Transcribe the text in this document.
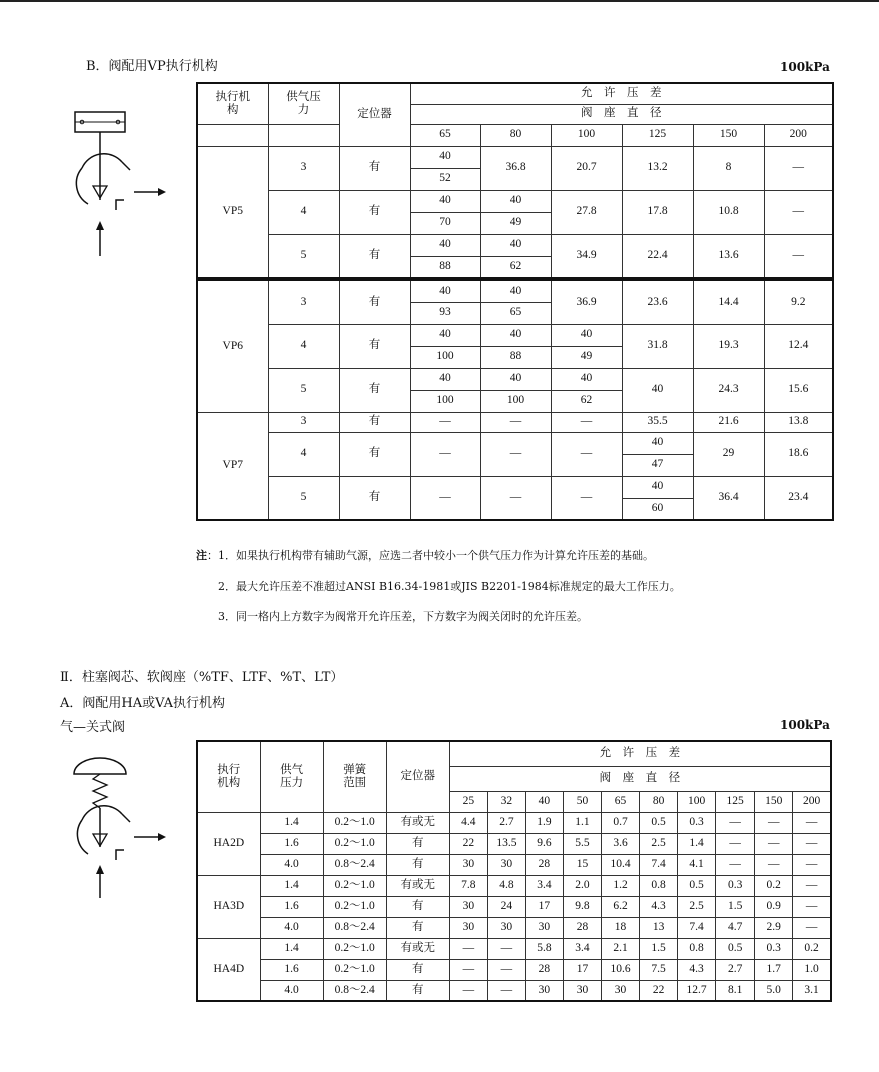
B．阀配用VP执行机构	100kPa
执行机构	供气压力	定位器	允　许　压　差					
			阀　座　直　径					
			65	80	100	125	150	200
VP5	3	有	40	36.8	20.7	13.2	8	—
			52					
	4	有	40	40	27.8	17.8	10.8	—
			70	49				
	5	有	40	40	34.9	22.4	13.6	—
			88	62				
VP6	3	有	40	40	36.9	23.6	14.4	9.2
			93	65				
	4	有	40	40	40	31.8	19.3	12.4
			100	88	49			
	5	有	40	40	40	40	24.3	15.6
			100	100	62			
VP7	3	有	—	—	—	35.5	21.6	13.8
	4	有	—	—	—	40	29	18.6
						47		
	5	有	—	—	—	40	36.4	23.4
						60		
注：1．如果执行机构带有辅助气源，应选二者中较小一个供气压力作为计算允许压差的基础。
2．最大允许压差不准超过ANSI B16.34-1981或JIS B2201-1984标准规定的最大工作压力。
3．同一格内上方数字为阀常开允许压差，下方数字为阀关闭时的允许压差。
Ⅱ．柱塞阀芯、软阀座（%TF、LTF、%T、LT）
A．阀配用HA或VA执行机构
气—关式阀	100kPa
执行机构	供气压力	弹簧范围	定位器	允　许　压　差									
				阀　座　直　径									
				25	32	40	50	65	80	100	125	150	200
HA2D	1.4	0.2～1.0	有或无	4.4	2.7	1.9	1.1	0.7	0.5	0.3	—	—	—
	1.6	0.2～1.0	有	22	13.5	9.6	5.5	3.6	2.5	1.4	—	—	—
	4.0	0.8～2.4	有	30	30	28	15	10.4	7.4	4.1	—	—	—
HA3D	1.4	0.2～1.0	有或无	7.8	4.8	3.4	2.0	1.2	0.8	0.5	0.3	0.2	—
	1.6	0.2～1.0	有	30	24	17	9.8	6.2	4.3	2.5	1.5	0.9	—
	4.0	0.8～2.4	有	30	30	30	28	18	13	7.4	4.7	2.9	—
HA4D	1.4	0.2～1.0	有或无	—	—	5.8	3.4	2.1	1.5	0.8	0.5	0.3	0.2
	1.6	0.2～1.0	有	—	—	28	17	10.6	7.5	4.3	2.7	1.7	1.0
	4.0	0.8～2.4	有	—	—	30	30	30	22	12.7	8.1	5.0	3.1
